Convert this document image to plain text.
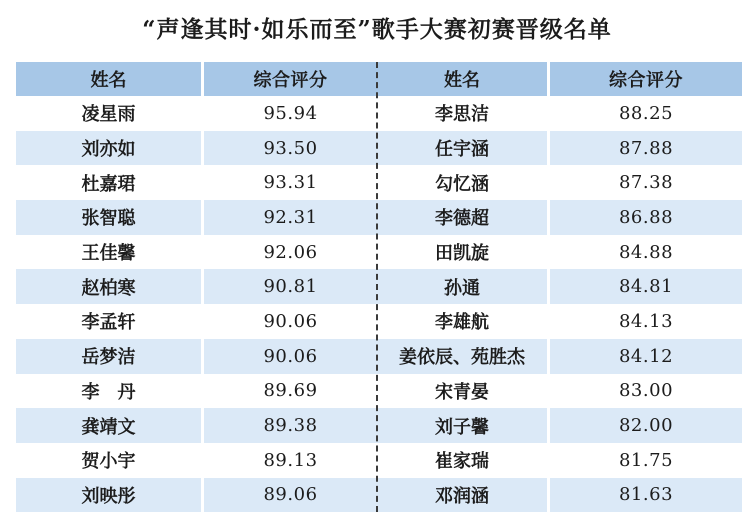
“声逢其时·如乐而至”歌手大赛初赛晋级名单
姓名	综合评分	姓名	综合评分
凌星雨	95.94	李思洁	88.25
刘亦如	93.50	任宇涵	87.88
杜嘉珺	93.31	勾忆涵	87.38
张智聪	92.31	李德超	86.88
王佳馨	92.06	田凯旋	84.88
赵柏寒	90.81	孙通	84.81
李孟轩	90.06	李雄航	84.13
岳梦洁	90.06	姜依辰、苑胜杰	84.12
李　丹	89.69	宋青晏	83.00
龚靖文	89.38	刘子馨	82.00
贺小宇	89.13	崔家瑞	81.75
刘映彤	89.06	邓润涵	81.63
